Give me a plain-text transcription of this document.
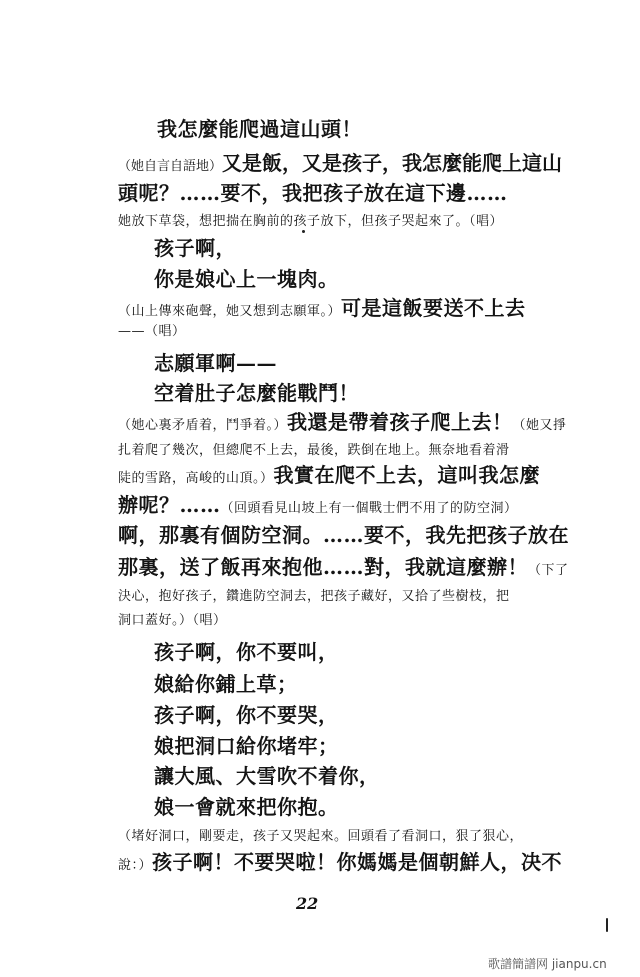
我怎麼能爬過這山頭！
（她自言自語地）又是飯，又是孩子，我怎麼能爬上這山
頭呢？……要不，我把孩子放在這下邊……
她放下草袋，想把揣在胸前的孩子放下，但孩子哭起來了。（唱）
孩子啊，
你是娘心上一塊肉。
（山上傳來砲聲，她又想到志願軍。）可是這飯要送不上去
——（唱）
志願軍啊——
空着肚子怎麼能戰鬥！
（她心裏矛盾着，鬥爭着。）我還是帶着孩子爬上去！（她又掙
扎着爬了幾次，但總爬不上去，最後，跌倒在地上。無奈地看着滑
陡的雪路，高峻的山頂。）我實在爬不上去，這叫我怎麼
辦呢？……（回頭看見山坡上有一個戰士們不用了的防空洞）
啊，那裏有個防空洞。……要不，我先把孩子放在
那裏，送了飯再來抱他……對，我就這麼辦！（下了
決心，抱好孩子，鑽進防空洞去，把孩子藏好，又拾了些樹枝，把
洞口蓋好。）（唱）
孩子啊，你不要叫，
娘給你鋪上草；
孩子啊，你不要哭，
娘把洞口給你堵牢；
讓大風、大雪吹不着你，
娘一會就來把你抱。
（堵好洞口，剛要走，孩子又哭起來。回頭看了看洞口，狠了狠心，
說：）孩子啊！不要哭啦！你媽媽是個朝鮮人，决不
22
歌譜簡譜网 jianpu.cn
